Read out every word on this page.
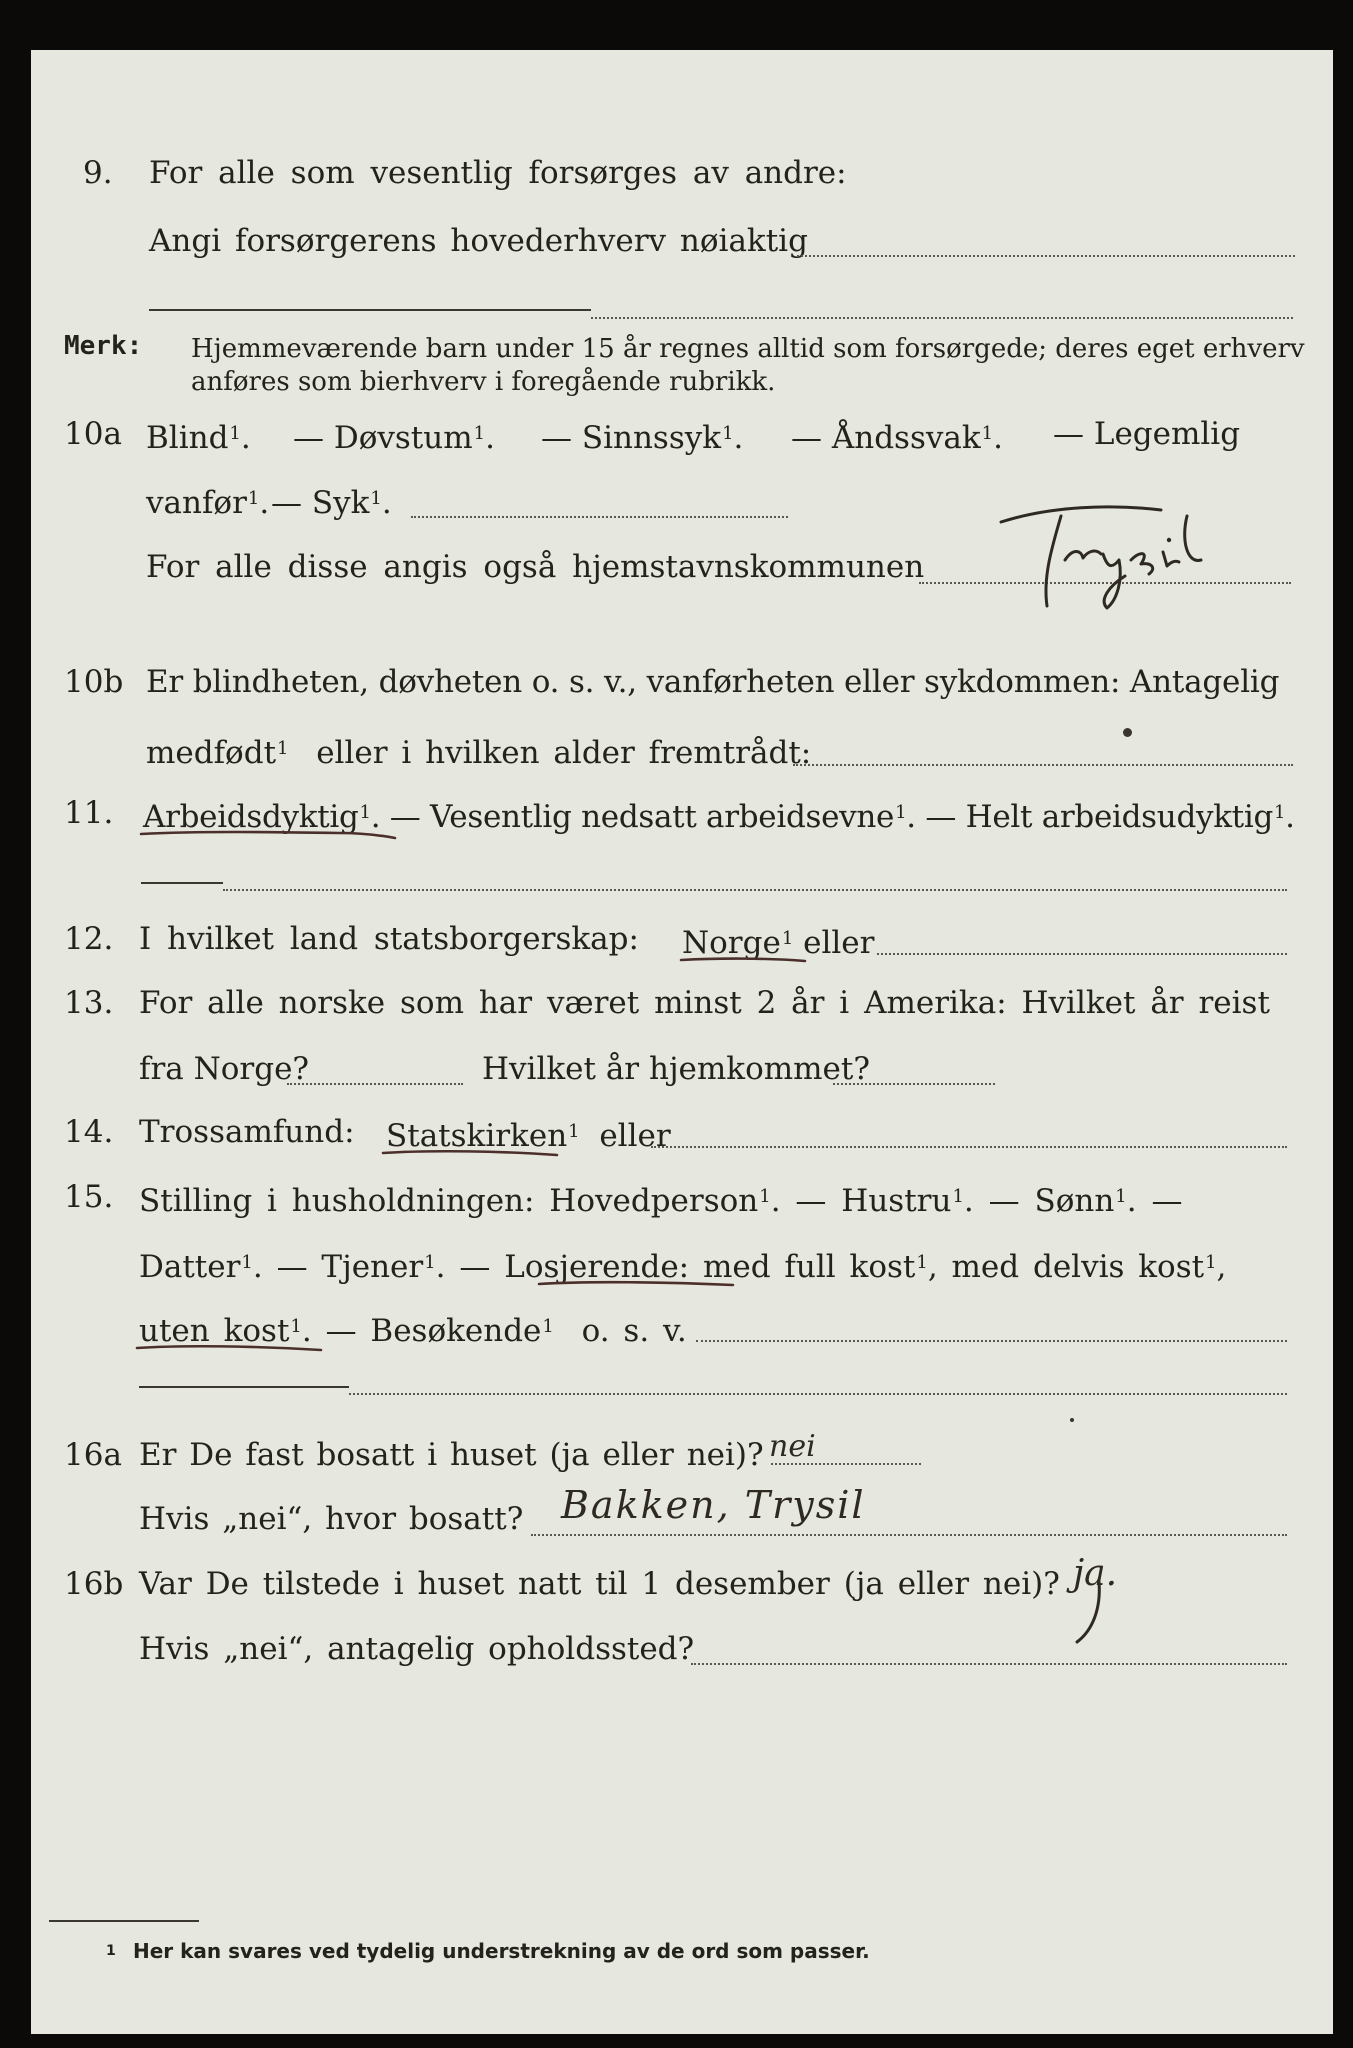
9. For alle som vesentlig forsørges av andre:
Angi forsørgerens hovederhverv nøiaktig
Merk: Hjemmeværende barn under 15 år regnes alltid som forsørgede; deres eget erhverv
anføres som bierhverv i foregående rubrikk.
10a Blind$^1$. — Døvstum$^1$. — Sinnssyk$^1$. — Åndssvak$^1$. — Legemlig
vanfør$^1$. — Syk$^1$.
For alle disse angis også hjemstavnskommunen
10b Er blindheten, døvheten o. s. v., vanførheten eller sykdommen: Antagelig
medfødt$^1$ eller i hvilken alder fremtrådt:
11. Arbeidsdyktig$^1$. — Vesentlig nedsatt arbeidsevne$^1$. — Helt arbeidsudyktig$^1$.
12. I hvilket land statsborgerskap: Norge$^1$ eller
13. For alle norske som har været minst 2 år i Amerika: Hvilket år reist
fra Norge?	Hvilket år hjemkommet?
14. Trossamfund: Statskirken$^1$ eller
15. Stilling i husholdningen: Hovedperson$^1$. — Hustru$^1$. — Sønn$^1$. —
Datter$^1$. — Tjener$^1$. — Losjerende: med full kost$^1$, med delvis kost$^1$,
uten kost$^1$. — Besøkende$^1$ o. s. v.
16a Er De fast bosatt i huset (ja eller nei)? nei
Hvis „nei“, hvor bosatt? Bakken, Trysil
16b Var De tilstede i huset natt til 1 desember (ja eller nei)? ja.
Hvis „nei“, antagelig opholdssted?
1 Her kan svares ved tydelig understrekning av de ord som passer.
